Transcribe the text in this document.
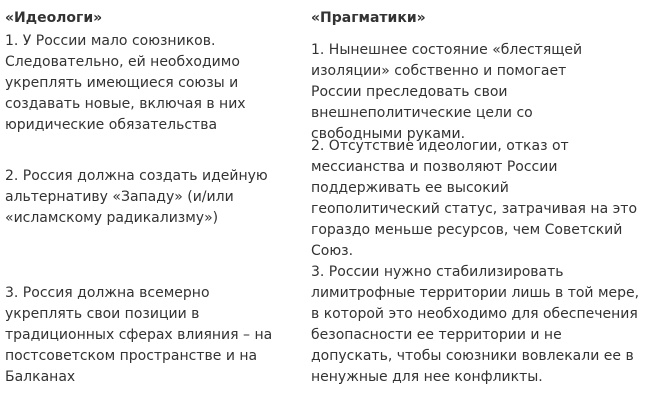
«Идеологи»

1. У России мало союзников. Следовательно, ей необходимо укреплять имеющиеся союзы и создавать новые, включая в них юридические обязательства

2. Россия должна создать идейную альтернативу «Западу» (и/или «исламскому радикализму»)

3. Россия должна всемерно укреплять свои позиции в традиционных сферах влияния – на постсоветском пространстве и на Балканах

«Прагматики»

1. Нынешнее состояние «блестящей изоляции» собственно и помогает России преследовать свои внешнеполитические цели со свободными руками.

2. Отсутствие идеологии, отказ от мессианства и позволяют России поддерживать ее высокий геополитический статус, затрачивая на это гораздо меньше ресурсов, чем Советский Союз.

3. России нужно стабилизировать лимитрофные территории лишь в той мере, в которой это необходимо для обеспечения безопасности ее территории и не допускать, чтобы союзники вовлекали ее в ненужные для нее конфликты.
